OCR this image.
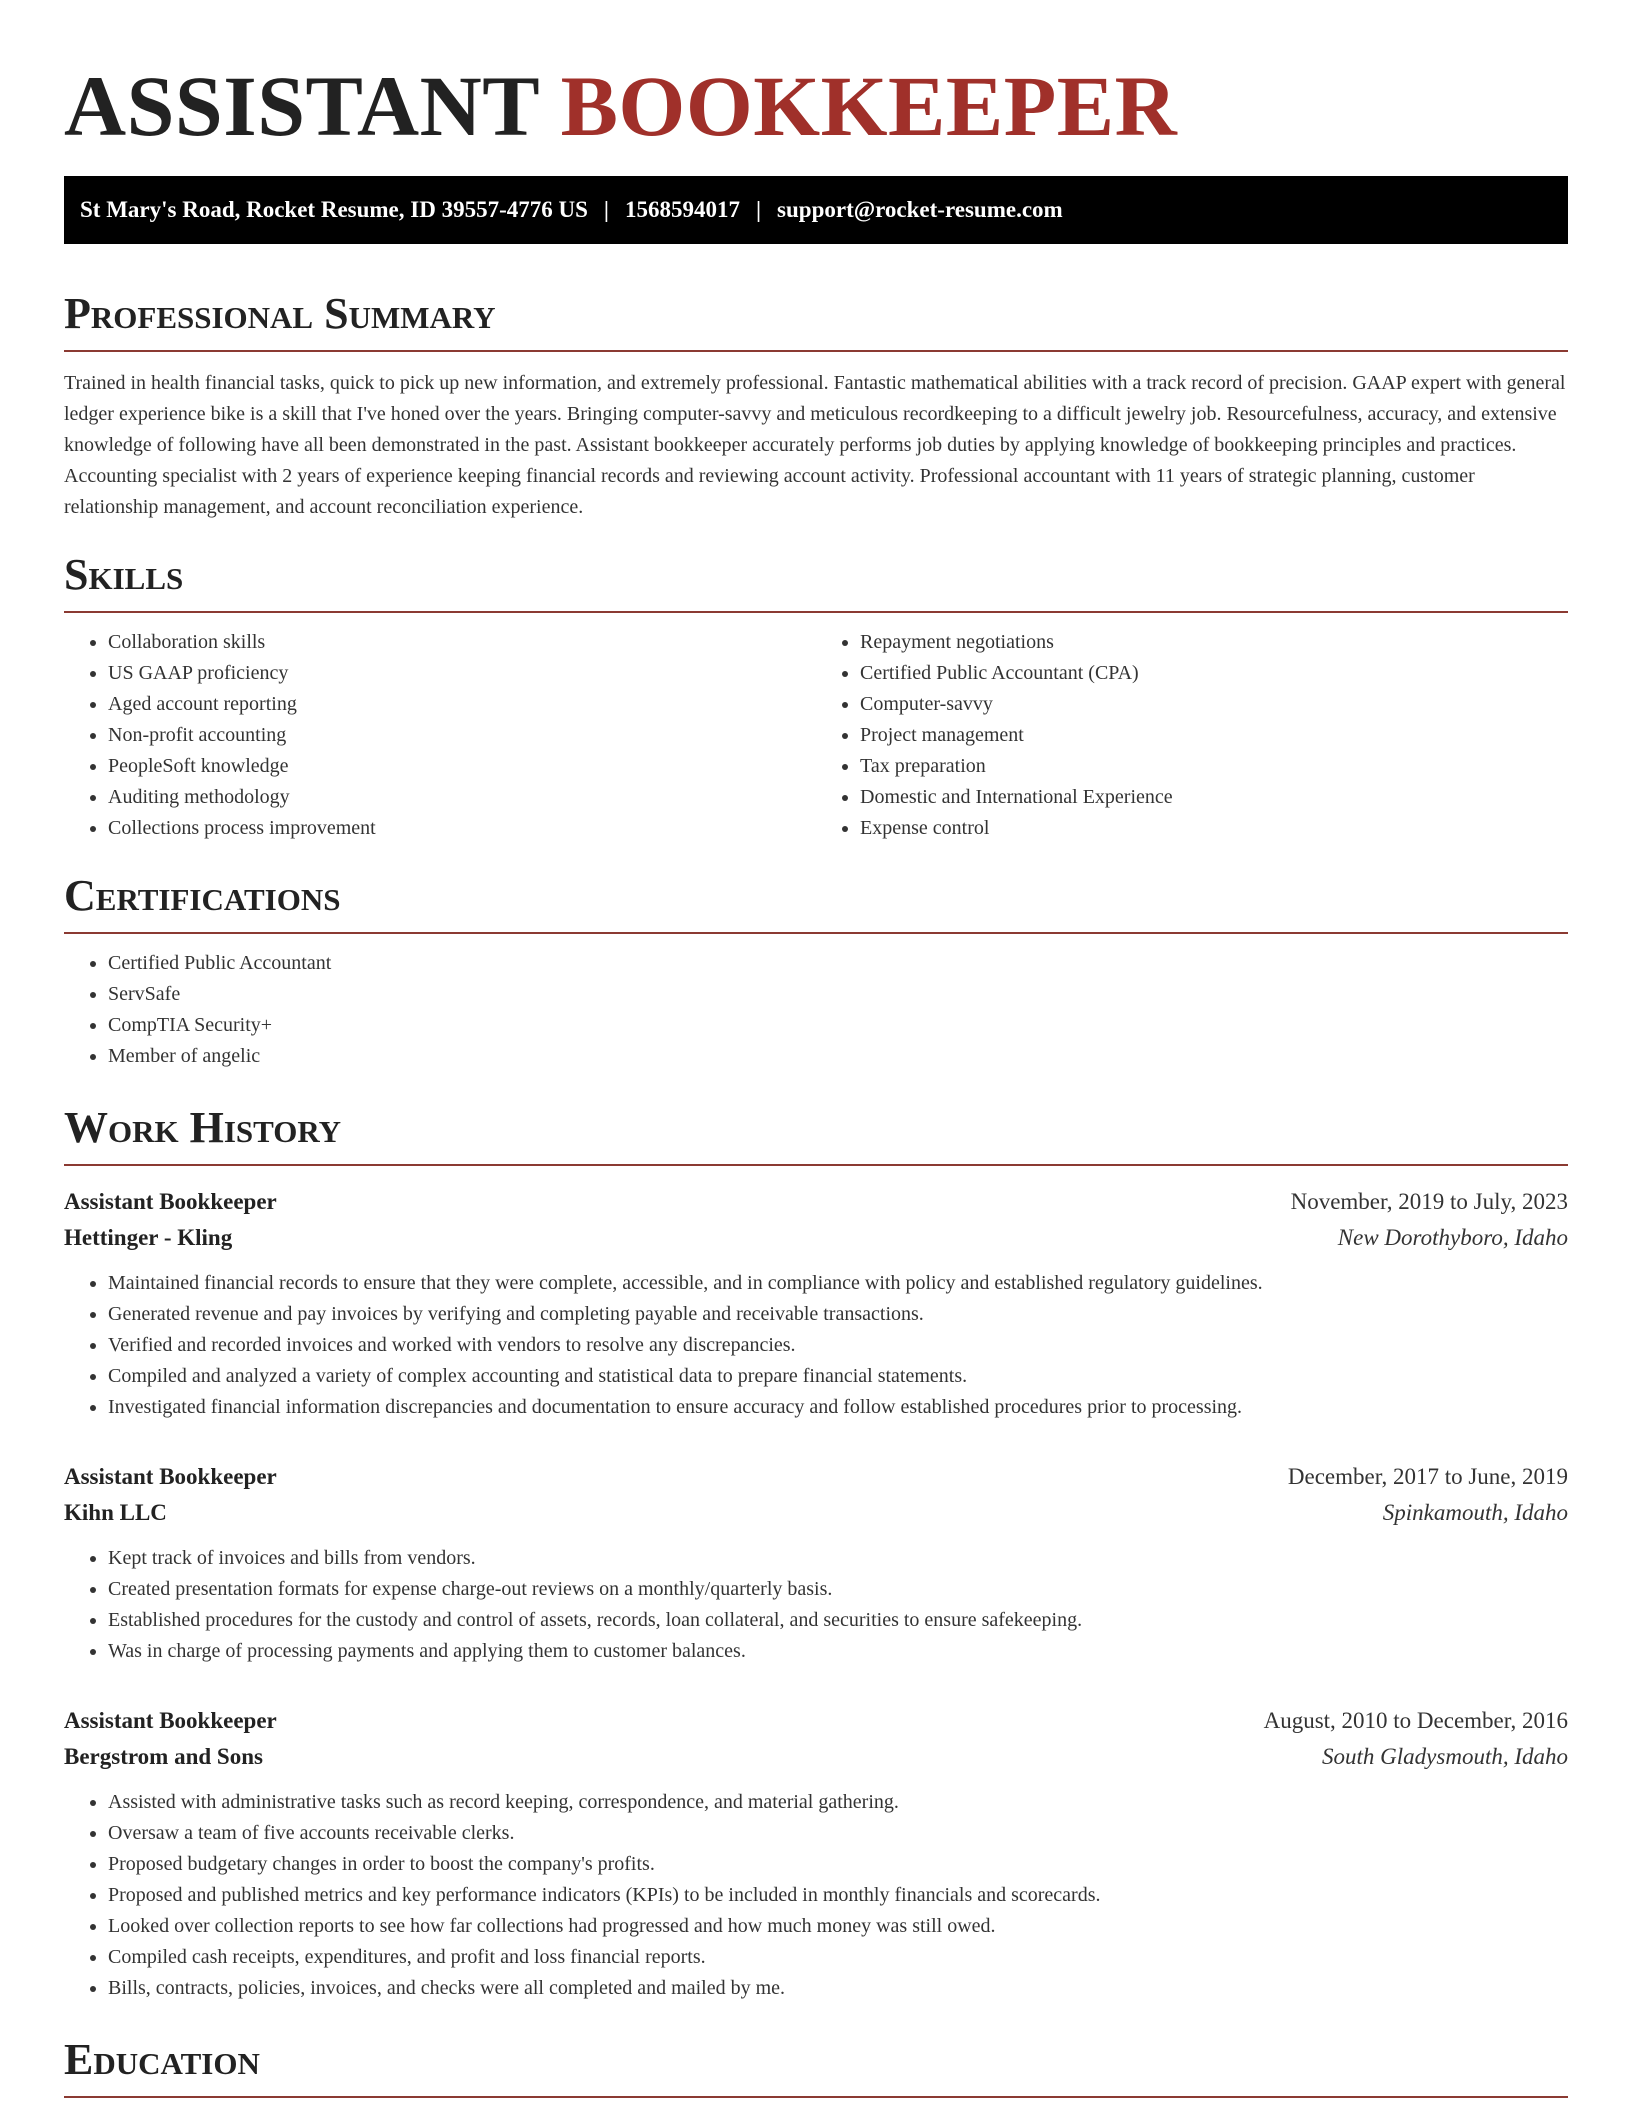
ASSISTANT BOOKKEEPER
St Mary's Road, Rocket Resume, ID 39557-4776 US | 1568594017 | support@rocket-resume.com
Professional Summary

Trained in health financial tasks, quick to pick up new information, and extremely professional. Fantastic mathematical abilities with a track record of precision. GAAP expert with general ledger experience bike is a skill that I've honed over the years. Bringing computer-savvy and meticulous recordkeeping to a difficult jewelry job. Resourcefulness, accuracy, and extensive knowledge of following have all been demonstrated in the past. Assistant bookkeeper accurately performs job duties by applying knowledge of bookkeeping principles and practices. Accounting specialist with 2 years of experience keeping financial records and reviewing account activity. Professional accountant with 11 years of strategic planning, customer relationship management, and account reconciliation experience.

Skills
• Collaboration skills
• US GAAP proficiency
• Aged account reporting
• Non-profit accounting
• PeopleSoft knowledge
• Auditing methodology
• Collections process improvement
• Repayment negotiations
• Certified Public Accountant (CPA)
• Computer-savvy
• Project management
• Tax preparation
• Domestic and International Experience
• Expense control
Certifications
• Certified Public Accountant
• ServSafe
• CompTIA Security+
• Member of angelic
Work History
Assistant Bookkeeper	November, 2019 to July, 2023
Hettinger - Kling	New Dorothyboro, Idaho
• Maintained financial records to ensure that they were complete, accessible, and in compliance with policy and established regulatory guidelines.
• Generated revenue and pay invoices by verifying and completing payable and receivable transactions.
• Verified and recorded invoices and worked with vendors to resolve any discrepancies.
• Compiled and analyzed a variety of complex accounting and statistical data to prepare financial statements.
• Investigated financial information discrepancies and documentation to ensure accuracy and follow established procedures prior to processing.
Assistant Bookkeeper	December, 2017 to June, 2019
Kihn LLC	Spinkamouth, Idaho
• Kept track of invoices and bills from vendors.
• Created presentation formats for expense charge-out reviews on a monthly/quarterly basis.
• Established procedures for the custody and control of assets, records, loan collateral, and securities to ensure safekeeping.
• Was in charge of processing payments and applying them to customer balances.
Assistant Bookkeeper	August, 2010 to December, 2016
Bergstrom and Sons	South Gladysmouth, Idaho
• Assisted with administrative tasks such as record keeping, correspondence, and material gathering.
• Oversaw a team of five accounts receivable clerks.
• Proposed budgetary changes in order to boost the company's profits.
• Proposed and published metrics and key performance indicators (KPIs) to be included in monthly financials and scorecards.
• Looked over collection reports to see how far collections had progressed and how much money was still owed.
• Compiled cash receipts, expenditures, and profit and loss financial reports.
• Bills, contracts, policies, invoices, and checks were all completed and mailed by me.
Education
